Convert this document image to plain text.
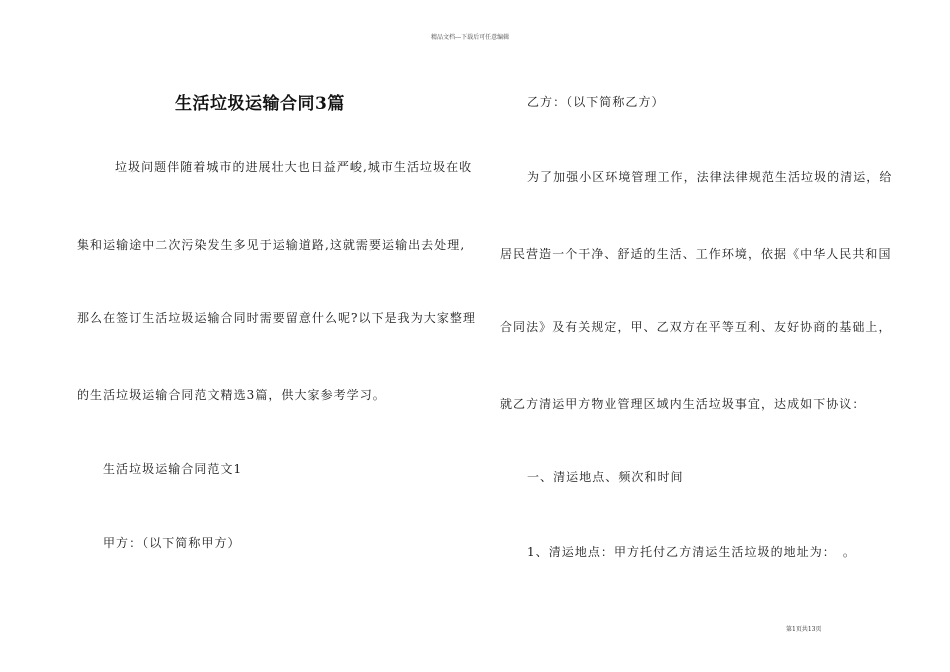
精品文档---下载后可任意编辑
生活垃圾运输合同3篇
垃圾问题伴随着城市的进展壮大也日益严峻,城市生活垃圾在收
集和运输途中二次污染发生多见于运输道路,这就需要运输出去处理,
那么在签订生活垃圾运输合同时需要留意什么呢?以下是我为大家整理
的生活垃圾运输合同范文精选3篇，供大家参考学习。
生活垃圾运输合同范文1
甲方：（以下简称甲方）
乙方：（以下简称乙方）
为了加强小区环境管理工作，法律法律规范生活垃圾的清运，给
居民营造一个干净、舒适的生活、工作环境，依据《中华人民共和国
合同法》及有关规定，甲、乙双方在平等互利、友好协商的基础上，
就乙方清运甲方物业管理区域内生活垃圾事宜，达成如下协议：
一、清运地点、频次和时间
1、清运地点：甲方托付乙方清运生活垃圾的地址为：　。
第1页共13页
